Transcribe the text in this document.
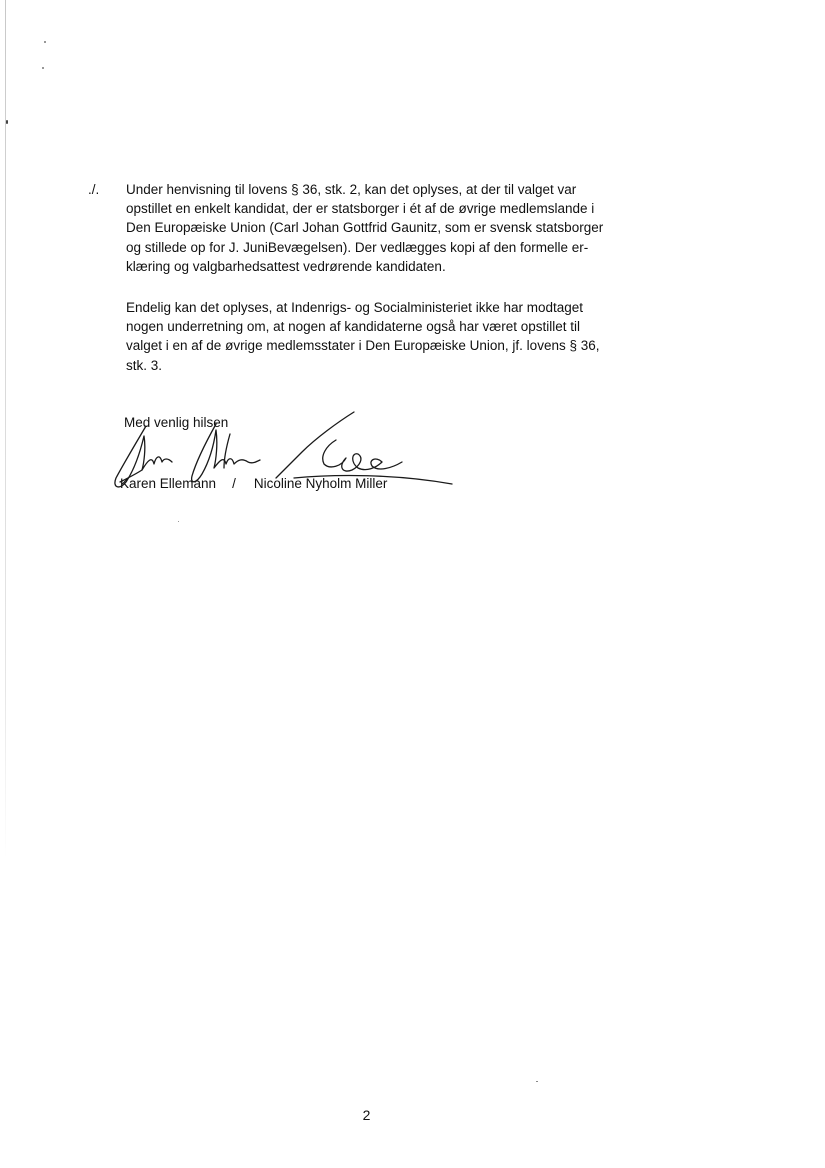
./. Under henvisning til lovens § 36, stk. 2, kan det oplyses, at der til valget var
opstillet en enkelt kandidat, der er statsborger i ét af de øvrige medlemslande i
Den Europæiske Union (Carl Johan Gottfrid Gaunitz, som er svensk statsborger
og stillede op for J. JuniBevægelsen). Der vedlægges kopi af den formelle er-
klæring og valgbarhedsattest vedrørende kandidaten.

Endelig kan det oplyses, at Indenrigs- og Socialministeriet ikke har modtaget
nogen underretning om, at nogen af kandidaterne også har været opstillet til
valget i en af de øvrige medlemsstater i Den Europæiske Union, jf. lovens § 36,
stk. 3.

Med venlig hilsen
Karen Ellemann / Nicoline Nyholm Miller
2
